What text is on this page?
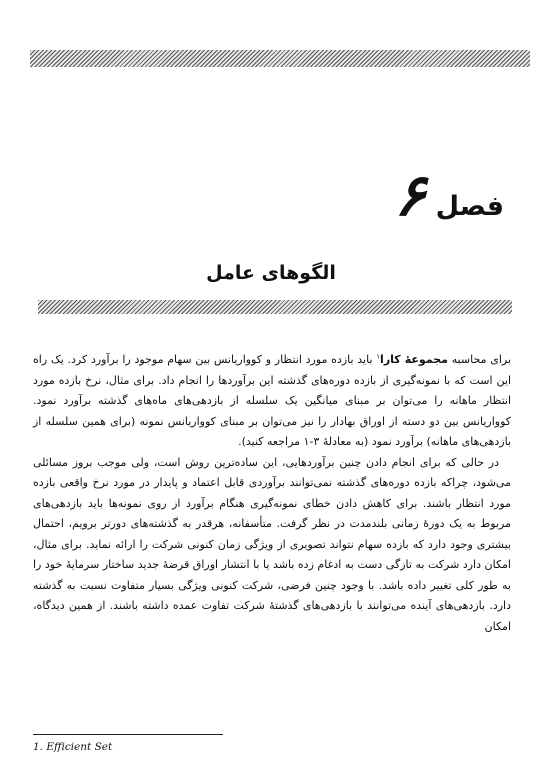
فصل
۶
الگوهای عامل

برای محاسبه مجموعهٔ کارا$^۱$ باید بازده مورد انتظار و کوواریانس بین سهام موجود را برآورد کرد. یک راه این است که با نمونه‌گیری از بازده دوره‌های گذشته این برآوردها را انجام داد. برای مثال، نرخ بازده مورد انتظار ماهانه را می‌توان بر مبنای میانگین یک سلسله از بازدهی‌های ماه‌های گذشته برآورد نمود. کوواریانس بین دو دسته از اوراق بهادار را نیز می‌توان بر مبنای کوواریانس نمونه (برای همین سلسله از بازدهی‌های ماهانه) برآورد نمود (به معادلهٔ ۳-۱ مراجعه کنید).

در حالی که برای انجام دادن چنین برآوردهایی، این ساده‌ترین روش است، ولی موجب بروز مسائلی می‌شود، چراکه بازده دوره‌های گذشته نمی‌توانند برآوردی قابل اعتماد و پایدار در مورد نرخ واقعی بازده مورد انتظار باشند. برای کاهش دادن خطای نمونه‌گیری هنگام برآورد از روی نمونه‌ها باید بازدهی‌های مربوط به یک دورهٔ زمانی بلندمدت در نظر گرفت. متأسفانه، هرقدر به گذشته‌های دورتر برویم، احتمال بیشتری وجود دارد که بازده سهام نتواند تصویری از ویژگی زمان کنونی شرکت را ارائه نماید. برای مثال، امکان دارد شرکت به تازگی دست به ادغام زده باشد یا با انتشار اوراق قرضهٔ جدید ساختار سرمایهٔ خود را به طور کلی تغییر داده باشد. با وجود چنین فرضی، شرکت کنونی ویژگی بسیار متفاوت نسبت به گذشته دارد. بازدهی‌های آینده می‌توانند با بازدهی‌های گذشتهٔ شرکت تفاوت عمده داشته باشند. از همین دیدگاه، امکان

1. Efficient Set
